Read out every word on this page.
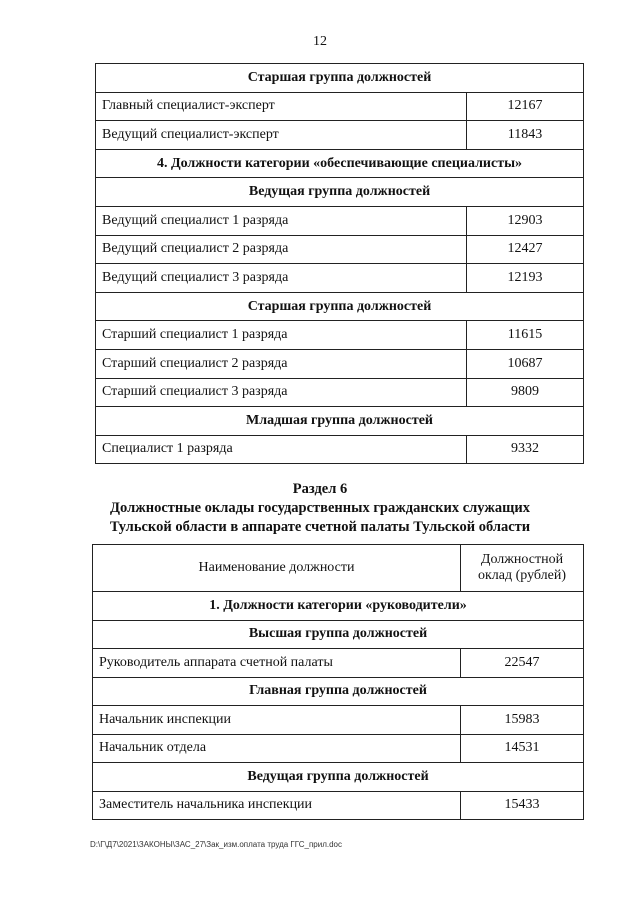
12
Старшая группа должностей	
Главный специалист-эксперт	12167
Ведущий специалист-эксперт	11843
4. Должности категории «обеспечивающие специалисты»	
Ведущая группа должностей	
Ведущий специалист 1 разряда	12903
Ведущий специалист 2 разряда	12427
Ведущий специалист 3 разряда	12193
Старшая группа должностей	
Старший специалист 1 разряда	11615
Старший специалист 2 разряда	10687
Старший специалист 3 разряда	9809
Младшая группа должностей	
Специалист 1 разряда	9332
Раздел 6
Должностные оклады государственных гражданских служащих
Тульской области в аппарате счетной палаты Тульской области
Наименование должности	Должностной оклад (рублей)
1. Должности категории «руководители»	
Высшая группа должностей	
Руководитель аппарата счетной палаты	22547
Главная группа должностей	
Начальник инспекции	15983
Начальник отдела	14531
Ведущая группа должностей	
Заместитель начальника инспекции	15433
D:\Г\Д7\2021\ЗАКОНЫ\ЗАС_27\Зак_изм.оплата труда ГГС_прил.doc
